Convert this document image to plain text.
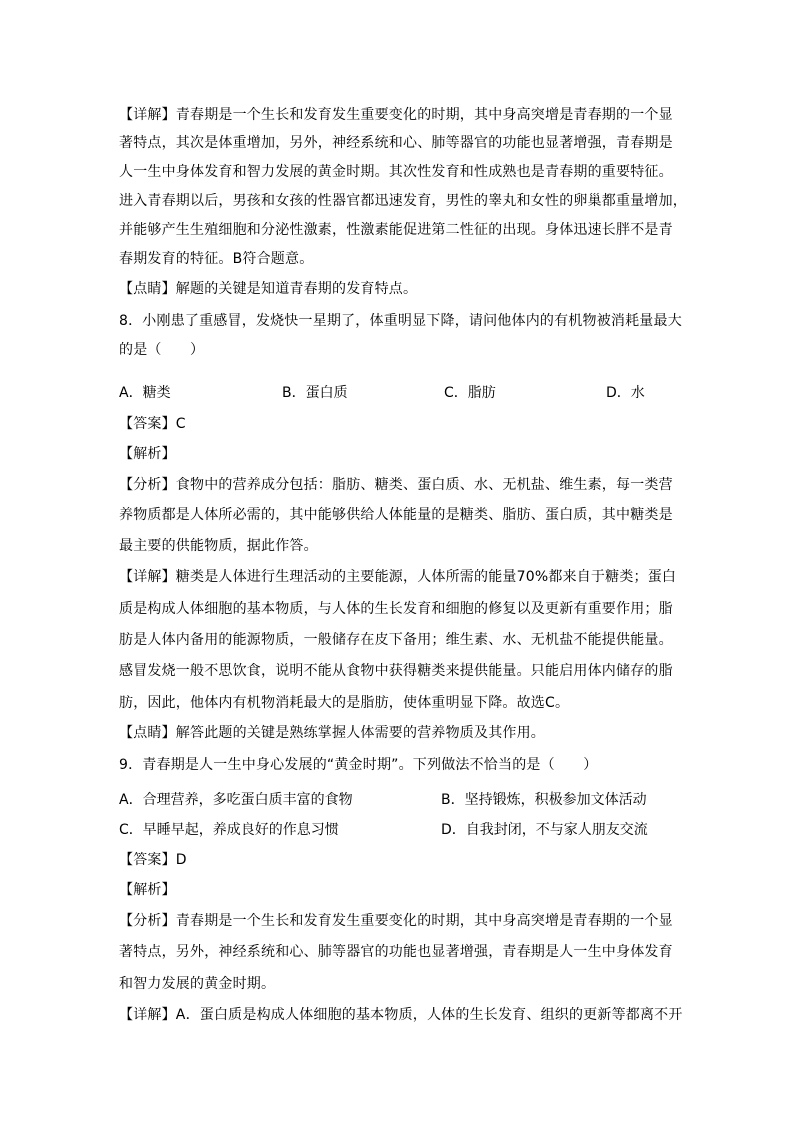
【详解】青春期是一个生长和发育发生重要变化的时期，其中身高突增是青春期的一个显
著特点，其次是体重增加，另外，神经系统和心、肺等器官的功能也显著增强，青春期是
人一生中身体发育和智力发展的黄金时期。其次性发育和性成熟也是青春期的重要特征。
进入青春期以后，男孩和女孩的性器官都迅速发育，男性的睾丸和女性的卵巢都重量增加，
并能够产生生殖细胞和分泌性激素，性激素能促进第二性征的出现。身体迅速长胖不是青
春期发育的特征。B符合题意。
【点睛】解题的关键是知道青春期的发育特点。
8．小刚患了重感冒，发烧快一星期了，体重明显下降，请问他体内的有机物被消耗量最大
的是（　　）
【答案】C
【解析】
【分析】食物中的营养成分包括：脂肪、糖类、蛋白质、水、无机盐、维生素，每一类营
养物质都是人体所必需的，其中能够供给人体能量的是糖类、脂肪、蛋白质，其中糖类是
最主要的供能物质，据此作答。
【详解】糖类是人体进行生理活动的主要能源，人体所需的能量70%都来自于糖类；蛋白
质是构成人体细胞的基本物质，与人体的生长发育和细胞的修复以及更新有重要作用；脂
肪是人体内备用的能源物质，一般储存在皮下备用；维生素、水、无机盐不能提供能量。
感冒发烧一般不思饮食，说明不能从食物中获得糖类来提供能量。只能启用体内储存的脂
肪，因此，他体内有机物消耗最大的是脂肪，使体重明显下降。故选C。
【点睛】解答此题的关键是熟练掌握人体需要的营养物质及其作用。
9．青春期是人一生中身心发展的“黄金时期”。下列做法不恰当的是（　　）
【答案】D
【解析】
【分析】青春期是一个生长和发育发生重要变化的时期，其中身高突增是青春期的一个显
著特点，另外，神经系统和心、肺等器官的功能也显著增强，青春期是人一生中身体发育
和智力发展的黄金时期。
【详解】A．蛋白质是构成人体细胞的基本物质，人体的生长发育、组织的更新等都离不开
A．糖类	B．蛋白质	C．脂肪	D．水
A．合理营养，多吃蛋白质丰富的食物	B．坚持锻炼，积极参加文体活动
C．早睡早起，养成良好的作息习惯	D．自我封闭，不与家人朋友交流
